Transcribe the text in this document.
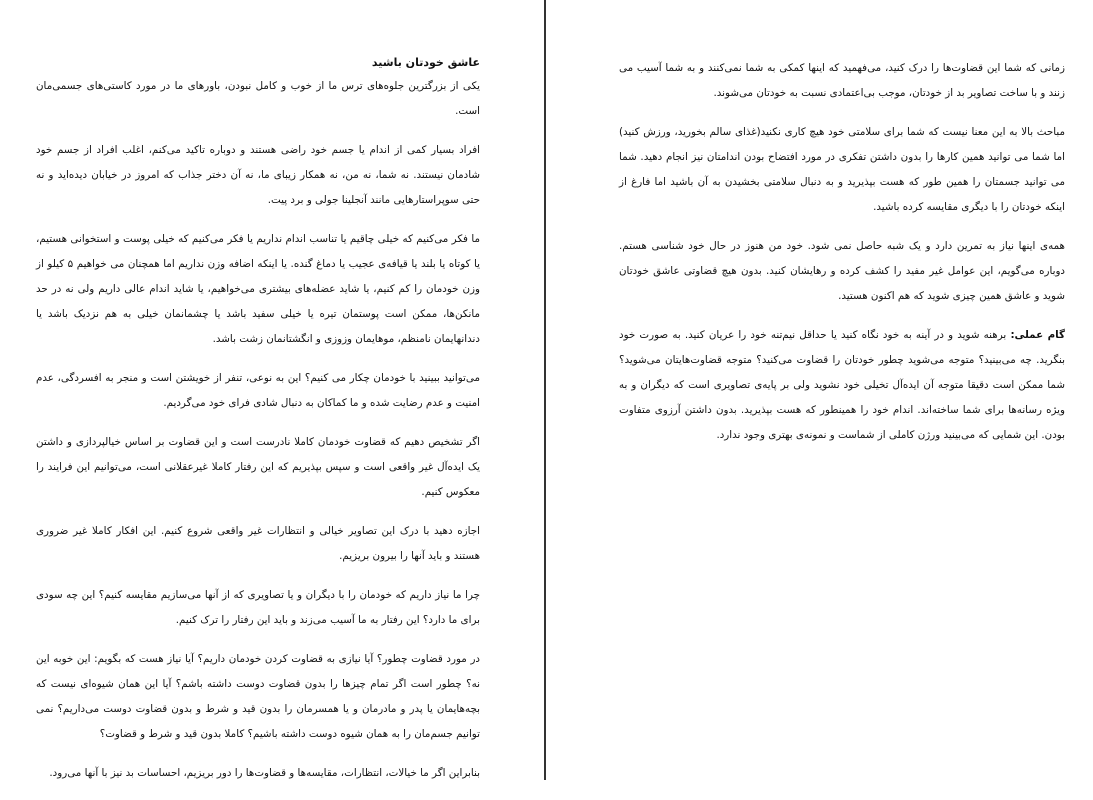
عاشق خودتان باشید

یکی از بزرگترین جلوه‌های ترس ما از خوب و کامل نبودن، باورهای ما در مورد کاستی‌های جسمی‌مان است.

افراد بسیار کمی از اندام یا جسم خود راضی هستند و دوباره تاکید می‌کنم، اغلب افراد از جسم خود شادمان نیستند. نه شما، نه من، نه همکار زیبای ما، نه آن دختر جذاب که امروز در خیابان دیده‌اید و نه حتی سوپراستارهایی مانند آنجلینا جولی و برد پیت.

ما فکر می‌کنیم که خیلی چاقیم یا تناسب اندام نداریم یا فکر می‌کنیم که خیلی پوست و استخوانی هستیم، یا کوتاه یا بلند یا قیافه‌ی عجیب یا دماغ گنده. یا اینکه اضافه وزن نداریم اما همچنان می خواهیم ۵ کیلو از وزن خودمان را کم کنیم، یا شاید عضله‌های بیشتری می‌خواهیم، یا شاید اندام عالی داریم ولی نه در حد مانکن‌ها، ممکن است پوستمان تیره یا خیلی سفید باشد یا چشمانمان خیلی به هم نزدیک باشد یا دندانهایمان نامنظم، موهایمان وزوزی و انگشتانمان زشت باشد.

می‌توانید ببینید با خودمان چکار می کنیم؟ این به نوعی، تنفر از خویشتن است و منجر به افسردگی، عدم امنیت و عدم رضایت شده و ما کماکان به دنبال شادی فرای خود می‌گردیم.

اگر تشخیص دهیم که قضاوت خودمان کاملا نادرست است و این قضاوت بر اساس خیالپردازی و داشتن یک ایده‌آل غیر واقعی است و سپس بپذیریم که این رفتار کاملا غیرعقلانی است، می‌توانیم این فرایند را معکوس کنیم.

اجازه دهید با درک این تصاویر خیالی و انتظارات غیر واقعی شروع کنیم. این افکار کاملا غیر ضروری هستند و باید آنها را بیرون بریزیم.

چرا ما نیاز داریم که خودمان را با دیگران و یا تصاویری که از آنها می‌سازیم مقایسه کنیم؟ این چه سودی برای ما دارد؟ این رفتار به ما آسیب می‌زند و باید این رفتار را ترک کنیم.

در مورد قضاوت چطور؟ آیا نیازی به قضاوت کردن خودمان داریم؟ آیا نیاز هست که بگویم: این خوبه این نه؟ چطور است اگر تمام چیزها را بدون قضاوت دوست داشته باشم؟ آیا این همان شیوه‌ای نیست که بچه‌هایمان یا پدر و مادرمان و یا همسرمان را بدون قید و شرط و بدون قضاوت دوست می‌داریم؟ نمی توانیم جسم‌مان را به همان شیوه دوست داشته باشیم؟ کاملا بدون قید و شرط و قضاوت؟

بنابراین اگر ما خیالات، انتظارات، مقایسه‌ها و قضاوت‌ها را دور بریزیم، احساسات بد نیز با آنها می‌رود.

زمانی که شما این قضاوت‌ها را درک کنید، می‌فهمید که اینها کمکی به شما نمی‌کنند و به شما آسیب می زنند و با ساخت تصاویر بد از خودتان، موجب بی‌اعتمادی نسبت به خودتان می‌شوند.

مباحث بالا به این معنا نیست که شما برای سلامتی خود هیچ کاری نکنید(غذای سالم بخورید، ورزش کنید) اما شما می توانید همین کارها را بدون داشتن تفکری در مورد افتضاح بودن اندامتان نیز انجام دهید. شما می توانید جسمتان را همین طور که هست بپذیرید و به دنبال سلامتی بخشیدن به آن باشید اما فارغ از اینکه خودتان را با دیگری مقایسه کرده باشید.

همه‌ی اینها نیاز به تمرین دارد و یک شبه حاصل نمی شود. خود من هنوز در حال خود شناسی هستم. دوباره می‌گویم، این عوامل غیر مفید را کشف کرده و رهایشان کنید. بدون هیچ قضاوتی عاشق خودتان شوید و عاشق همین چیزی شوید که هم اکنون هستید.

گام عملی: برهنه شوید و در آینه به خود نگاه کنید یا حداقل نیم‌تنه خود را عریان کنید. به صورت خود بنگرید. چه می‌بینید؟ متوجه می‌شوید چطور خودتان را قضاوت می‌کنید؟ متوجه قضاوت‌هایتان می‌شوید؟ شما ممکن است دقیقا متوجه آن ایده‌آل تخیلی خود نشوید ولی بر پایه‌ی تصاویری است که دیگران و به ویژه رسانه‌ها برای شما ساخته‌اند. اندام خود را همینطور که هست بپذیرید. بدون داشتن آرزوی متفاوت بودن. این شمایی که می‌بینید ورژن کاملی از شماست و نمونه‌ی بهتری وجود ندارد.
